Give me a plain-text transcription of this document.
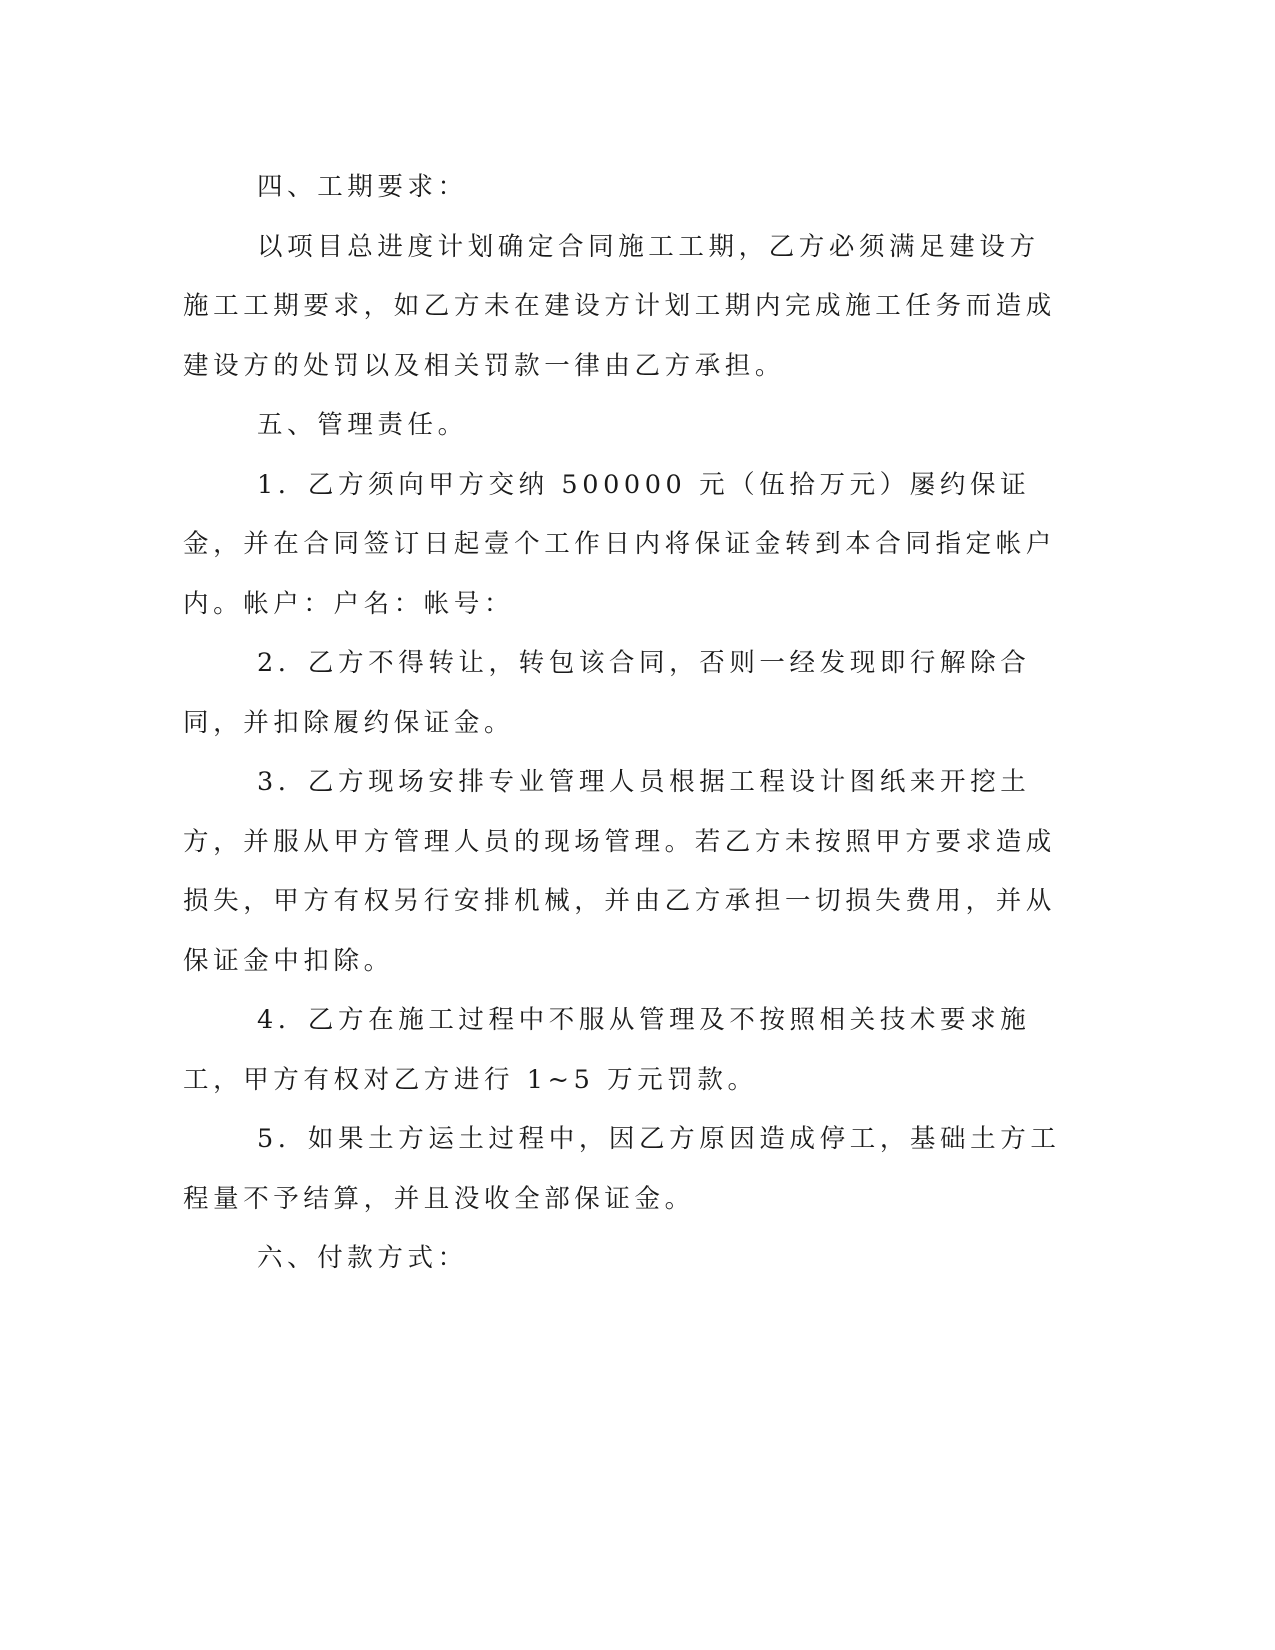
四、工期要求：

以项目总进度计划确定合同施工工期，乙方必须满足建设方施工工期要求，如乙方未在建设方计划工期内完成施工任务而造成建设方的处罚以及相关罚款一律由乙方承担。

五、管理责任。

1．乙方须向甲方交纳 500000 元（伍拾万元）屡约保证金，并在合同签订日起壹个工作日内将保证金转到本合同指定帐户内。帐户：户名：帐号：

2．乙方不得转让，转包该合同，否则一经发现即行解除合同，并扣除履约保证金。

3．乙方现场安排专业管理人员根据工程设计图纸来开挖土方，并服从甲方管理人员的现场管理。若乙方未按照甲方要求造成损失，甲方有权另行安排机械，并由乙方承担一切损失费用，并从保证金中扣除。

4．乙方在施工过程中不服从管理及不按照相关技术要求施工，甲方有权对乙方进行 1~5 万元罚款。

5．如果土方运土过程中，因乙方原因造成停工，基础土方工程量不予结算，并且没收全部保证金。

六、付款方式：
